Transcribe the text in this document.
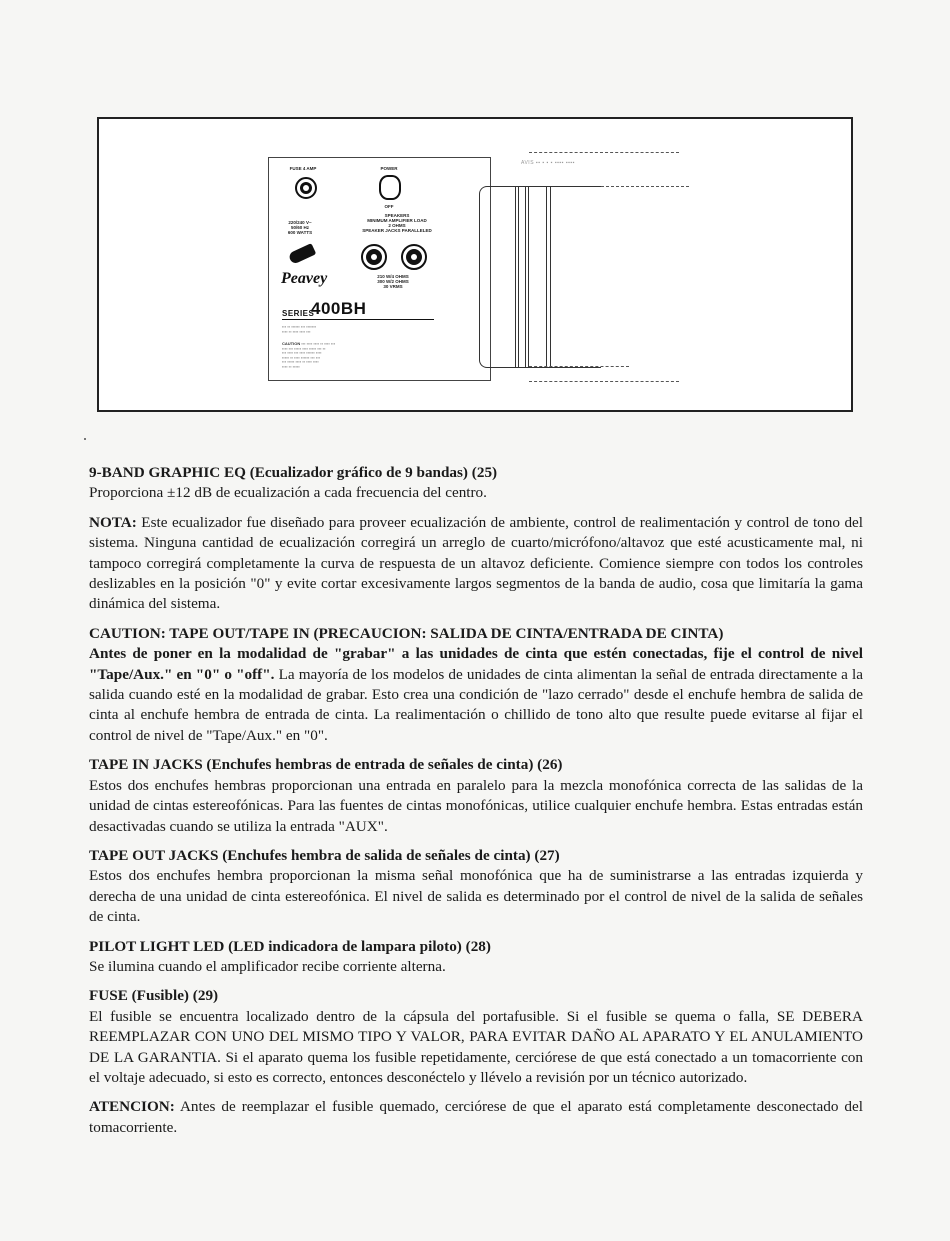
FUSE 4 AMP	POWER
OFF
220/240 V~
50/60 Hz
600 WATTS
SPEAKERS
MINIMUM AMPLIFIER LOAD
2 OHMS
SPEAKER JACKS PARALLELED
210 W/4 OHMS
300 W/2 OHMS
30 VRMS
Peavey
SERIES
400BH
▪▪▪ ▪▪ ▪▪▪▪▪▪ ▪▪▪ ▪▪▪▪▪▪▪
▪▪▪▪ ▪▪ ▪▪▪▪ ▪▪▪▪ ▪▪▪
CAUTION ▪▪▪ ▪▪▪▪ ▪▪▪▪ ▪▪ ▪▪▪▪ ▪▪▪
▪▪▪▪ ▪▪▪ ▪▪▪▪▪ ▪▪▪▪ ▪▪▪▪▪ ▪▪▪ ▪▪
▪▪▪ ▪▪▪▪ ▪▪▪ ▪▪▪▪ ▪▪▪▪▪▪ ▪▪▪▪
▪▪▪▪▪ ▪▪ ▪▪▪▪ ▪▪▪▪▪▪ ▪▪▪ ▪▪▪
▪▪▪ ▪▪▪▪▪ ▪▪▪▪ ▪▪ ▪▪▪▪ ▪▪▪▪
▪▪▪▪ ▪▪ ▪▪▪▪▪
AVIS ▪▪ ▪ ▪ ▪ ▪▪▪▪ ▪▪▪▪

9-BAND GRAPHIC EQ (Ecualizador gráfico de 9 bandas) (25)

Proporciona ±12 dB de ecualización a cada frecuencia del centro.

NOTA: Este ecualizador fue diseñado para proveer ecualización de ambiente, control de realimentación y control de tono del sistema. Ninguna cantidad de ecualización corregirá un arreglo de cuarto/micrófono/altavoz que esté acusticamente mal, ni tampoco corregirá completamente la curva de respuesta de un altavoz deficiente. Comience siempre con todos los controles deslizables en la posición "0" y evite cortar excesivamente largos segmentos de la banda de audio, cosa que limitaría la gama dinámica del sistema.

CAUTION: TAPE OUT/TAPE IN (PRECAUCION: SALIDA DE CINTA/ENTRADA DE CINTA)

Antes de poner en la modalidad de "grabar" a las unidades de cinta que estén conectadas, fije el control de nivel "Tape/Aux." en "0" o "off". La mayoría de los modelos de unidades de cinta alimentan la señal de entrada directamente a la salida cuando esté en la modalidad de grabar. Esto crea una condición de "lazo cerrado" desde el enchufe hembra de salida de cinta al enchufe hembra de entrada de cinta. La realimentación o chillido de tono alto que resulte puede evitarse al fijar el control de nivel de "Tape/Aux." en "0".

TAPE IN JACKS (Enchufes hembras de entrada de señales de cinta) (26)

Estos dos enchufes hembras proporcionan una entrada en paralelo para la mezcla monofónica correcta de las salidas de la unidad de cintas estereofónicas. Para las fuentes de cintas monofónicas, utilice cualquier enchufe hembra. Estas entradas están desactivadas cuando se utiliza la entrada "AUX".

TAPE OUT JACKS (Enchufes hembra de salida de señales de cinta) (27)

Estos dos enchufes hembra proporcionan la misma señal monofónica que ha de suministrarse a las entradas izquierda y derecha de una unidad de cinta estereofónica. El nivel de salida es determinado por el control de nivel de la salida de señales de cinta.

PILOT LIGHT LED (LED indicadora de lampara piloto) (28)

Se ilumina cuando el amplificador recibe corriente alterna.

FUSE (Fusible) (29)

El fusible se encuentra localizado dentro de la cápsula del portafusible. Si el fusible se quema o falla, SE DEBERA REEMPLAZAR CON UNO DEL MISMO TIPO Y VALOR, PARA EVITAR DAÑO AL APARATO Y EL ANULAMIENTO DE LA GARANTIA. Si el aparato quema los fusible repetidamente, cerciórese de que está conectado a un tomacorriente con el voltaje adecuado, si esto es correcto, entonces desconéctelo y llévelo a revisión por un técnico autorizado.

ATENCION: Antes de reemplazar el fusible quemado, cerciórese de que el aparato está completamente desconectado del tomacorriente.
